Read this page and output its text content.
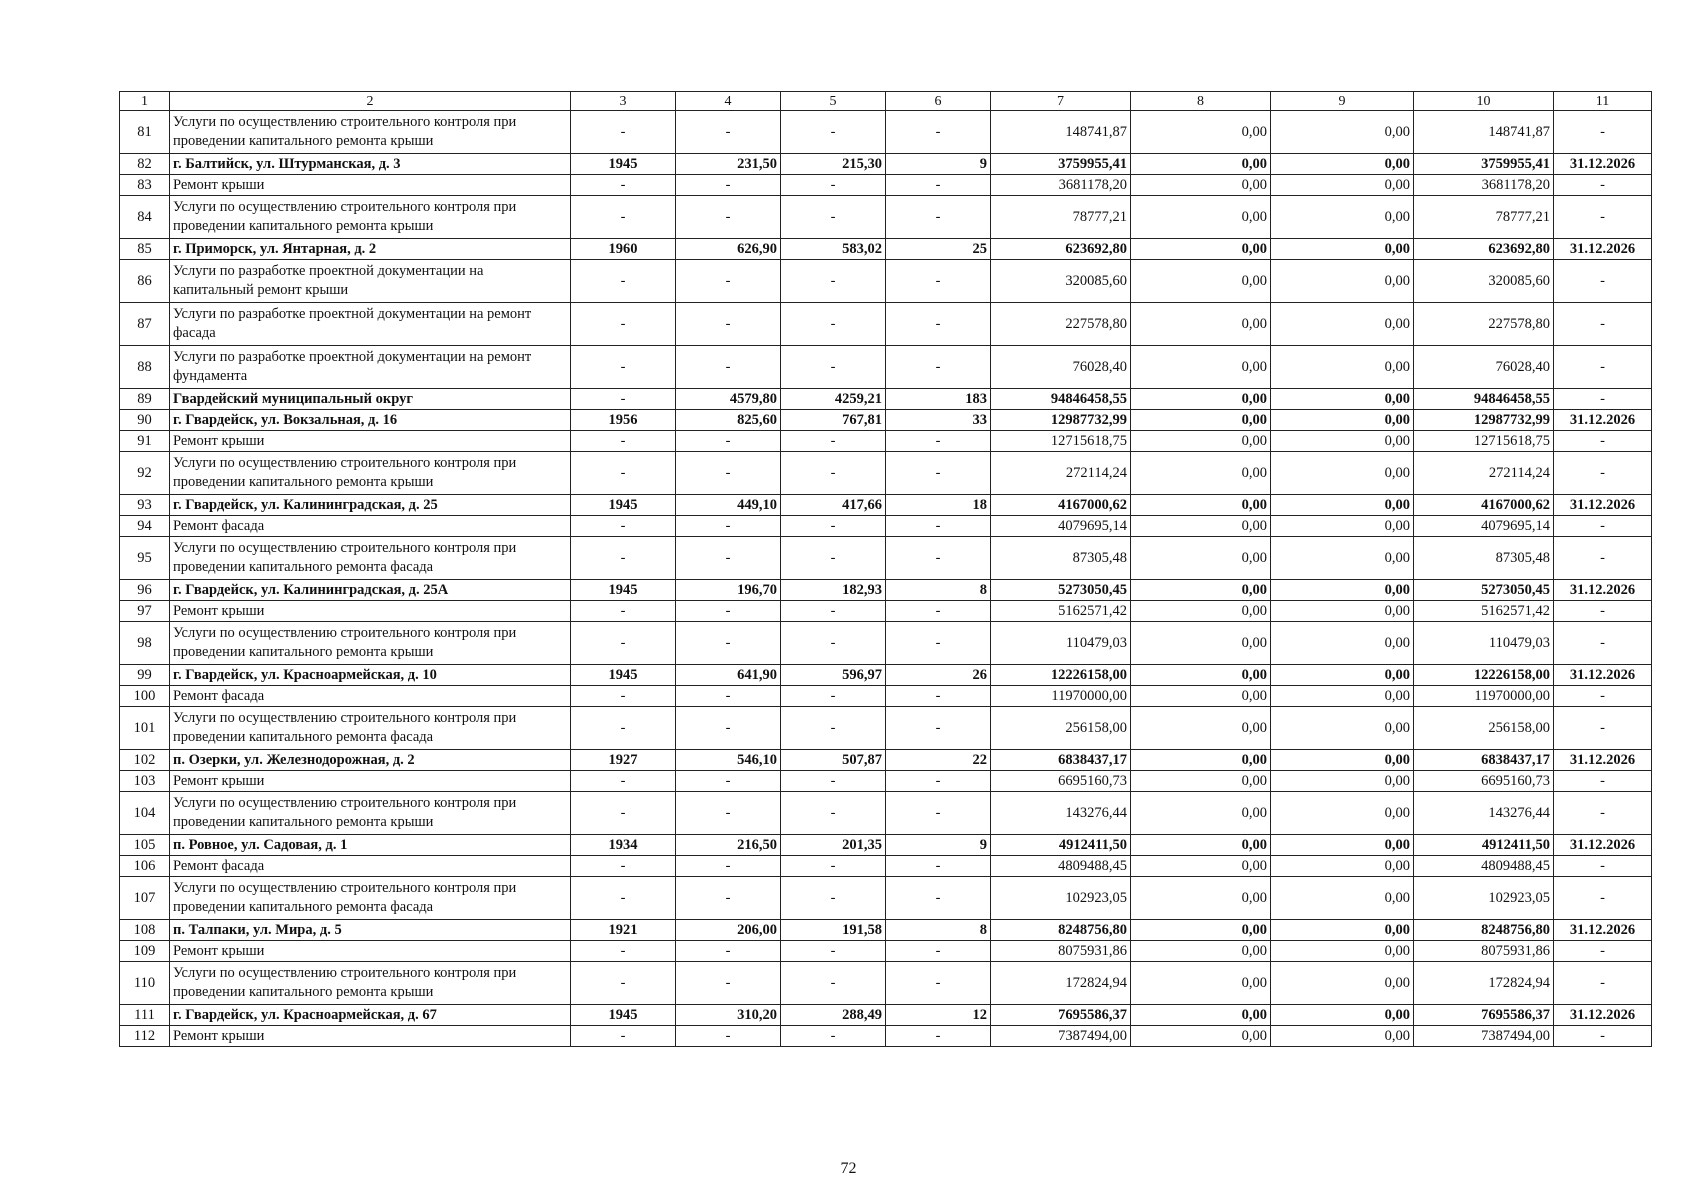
1	2	3	4	5	6	7	8	9	10	11
81	Услуги по осуществлению строительного контроля при проведении капитального ремонта крыши	-	-	-	-	148741,87	0,00	0,00	148741,87	-
82	г. Балтийск, ул. Штурманская, д. 3	1945	231,50	215,30	9	3759955,41	0,00	0,00	3759955,41	31.12.2026
83	Ремонт крыши	-	-	-	-	3681178,20	0,00	0,00	3681178,20	-
84	Услуги по осуществлению строительного контроля при проведении капитального ремонта крыши	-	-	-	-	78777,21	0,00	0,00	78777,21	-
85	г. Приморск, ул. Янтарная, д. 2	1960	626,90	583,02	25	623692,80	0,00	0,00	623692,80	31.12.2026
86	Услуги по разработке проектной документации на капитальный ремонт крыши	-	-	-	-	320085,60	0,00	0,00	320085,60	-
87	Услуги по разработке проектной документации на ремонт фасада	-	-	-	-	227578,80	0,00	0,00	227578,80	-
88	Услуги по разработке проектной документации на ремонт фундамента	-	-	-	-	76028,40	0,00	0,00	76028,40	-
89	Гвардейский муниципальный округ	-	4579,80	4259,21	183	94846458,55	0,00	0,00	94846458,55	-
90	г. Гвардейск, ул. Вокзальная, д. 16	1956	825,60	767,81	33	12987732,99	0,00	0,00	12987732,99	31.12.2026
91	Ремонт крыши	-	-	-	-	12715618,75	0,00	0,00	12715618,75	-
92	Услуги по осуществлению строительного контроля при проведении капитального ремонта крыши	-	-	-	-	272114,24	0,00	0,00	272114,24	-
93	г. Гвардейск, ул. Калининградская, д. 25	1945	449,10	417,66	18	4167000,62	0,00	0,00	4167000,62	31.12.2026
94	Ремонт фасада	-	-	-	-	4079695,14	0,00	0,00	4079695,14	-
95	Услуги по осуществлению строительного контроля при проведении капитального ремонта фасада	-	-	-	-	87305,48	0,00	0,00	87305,48	-
96	г. Гвардейск, ул. Калининградская, д. 25А	1945	196,70	182,93	8	5273050,45	0,00	0,00	5273050,45	31.12.2026
97	Ремонт крыши	-	-	-	-	5162571,42	0,00	0,00	5162571,42	-
98	Услуги по осуществлению строительного контроля при проведении капитального ремонта крыши	-	-	-	-	110479,03	0,00	0,00	110479,03	-
99	г. Гвардейск, ул. Красноармейская, д. 10	1945	641,90	596,97	26	12226158,00	0,00	0,00	12226158,00	31.12.2026
100	Ремонт фасада	-	-	-	-	11970000,00	0,00	0,00	11970000,00	-
101	Услуги по осуществлению строительного контроля при проведении капитального ремонта фасада	-	-	-	-	256158,00	0,00	0,00	256158,00	-
102	п. Озерки, ул. Железнодорожная, д. 2	1927	546,10	507,87	22	6838437,17	0,00	0,00	6838437,17	31.12.2026
103	Ремонт крыши	-	-	-	-	6695160,73	0,00	0,00	6695160,73	-
104	Услуги по осуществлению строительного контроля при проведении капитального ремонта крыши	-	-	-	-	143276,44	0,00	0,00	143276,44	-
105	п. Ровное, ул. Садовая, д. 1	1934	216,50	201,35	9	4912411,50	0,00	0,00	4912411,50	31.12.2026
106	Ремонт фасада	-	-	-	-	4809488,45	0,00	0,00	4809488,45	-
107	Услуги по осуществлению строительного контроля при проведении капитального ремонта фасада	-	-	-	-	102923,05	0,00	0,00	102923,05	-
108	п. Талпаки, ул. Мира, д. 5	1921	206,00	191,58	8	8248756,80	0,00	0,00	8248756,80	31.12.2026
109	Ремонт крыши	-	-	-	-	8075931,86	0,00	0,00	8075931,86	-
110	Услуги по осуществлению строительного контроля при проведении капитального ремонта крыши	-	-	-	-	172824,94	0,00	0,00	172824,94	-
111	г. Гвардейск, ул. Красноармейская, д. 67	1945	310,20	288,49	12	7695586,37	0,00	0,00	7695586,37	31.12.2026
112	Ремонт крыши	-	-	-	-	7387494,00	0,00	0,00	7387494,00	-
72
